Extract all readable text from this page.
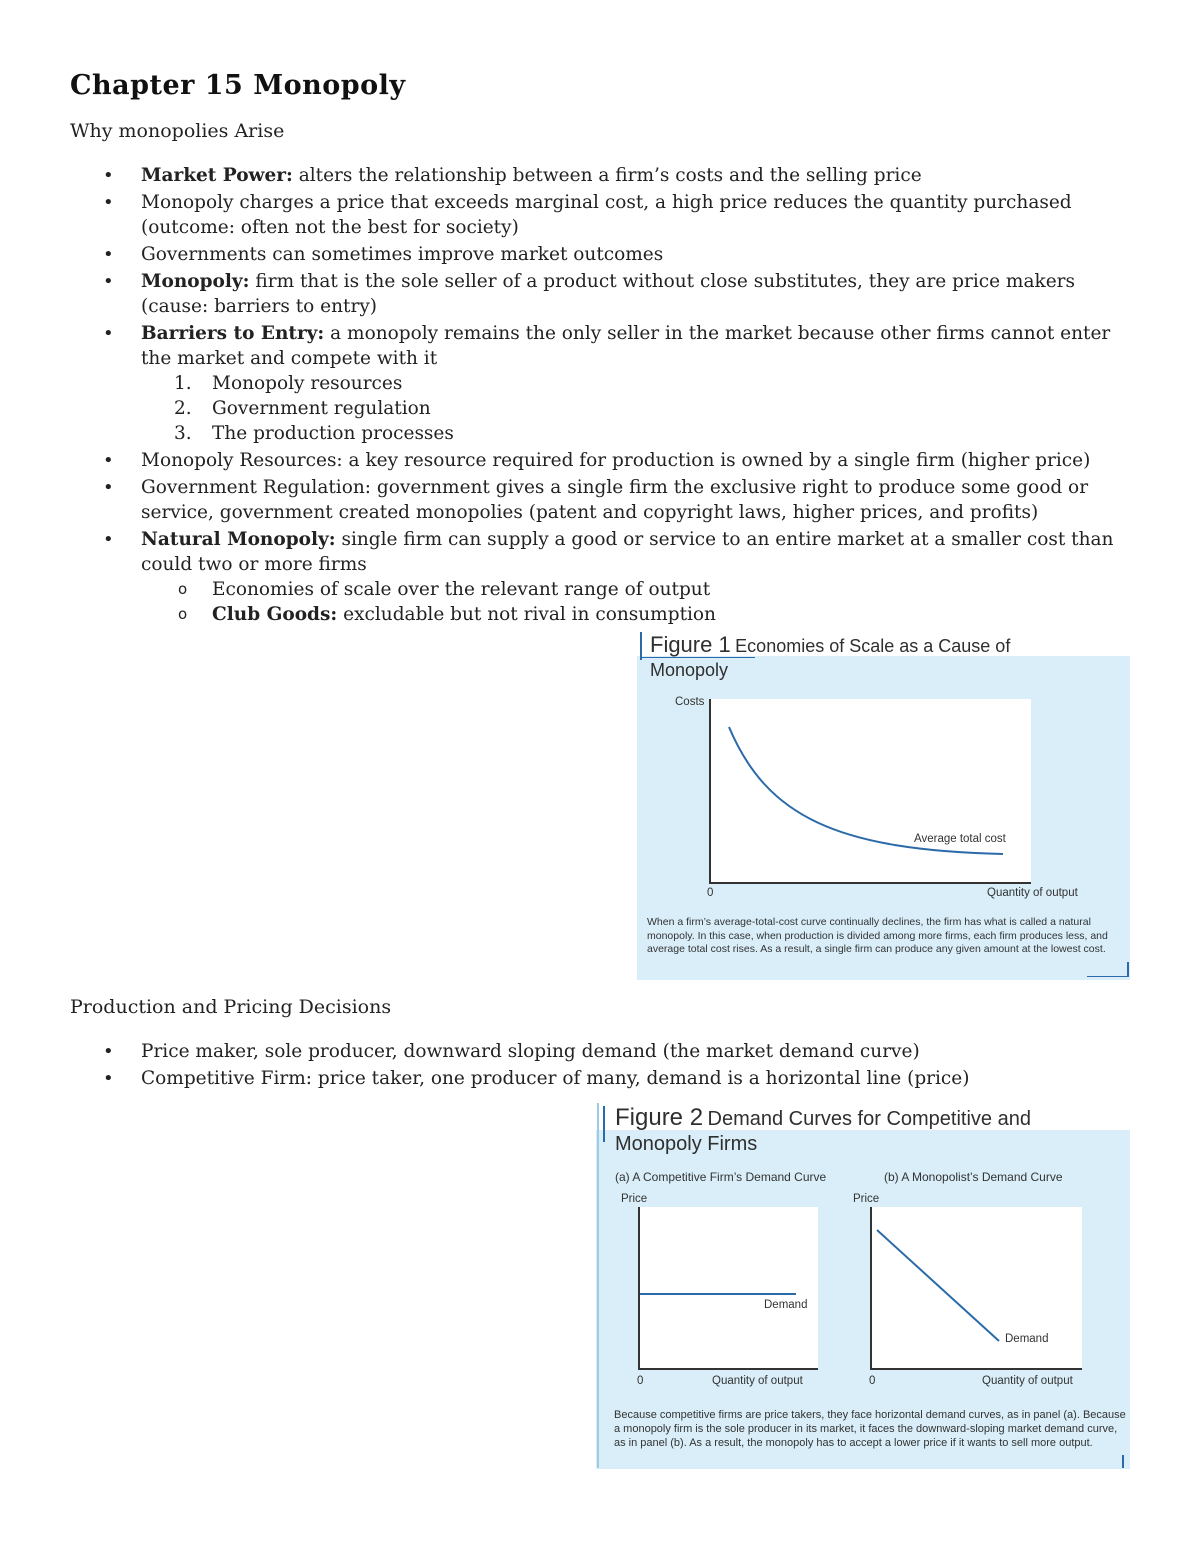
Chapter 15 Monopoly
Why monopolies Arise
• Market Power: alters the relationship between a firm’s costs and the selling price
• Monopoly charges a price that exceeds marginal cost, a high price reduces the quantity purchased (outcome: often not the best for society)
• Governments can sometimes improve market outcomes
• Monopoly: firm that is the sole seller of a product without close substitutes, they are price makers (cause: barriers to entry)
• Barriers to Entry: a monopoly remains the only seller in the market because other firms cannot enter the market and compete with it
1. Monopoly resources
2. Government regulation
3. The production processes
• Monopoly Resources: a key resource required for production is owned by a single firm (higher price)
• Government Regulation: government gives a single firm the exclusive right to produce some good or service, government created monopolies (patent and copyright laws, higher prices, and profits)
• Natural Monopoly: single firm can supply a good or service to an entire market at a smaller cost than could two or more firms
o Economies of scale over the relevant range of output
o Club Goods: excludable but not rival in consumption
Figure 1 Economies of Scale as a Cause of
Monopoly
Costs
0	Quantity of output
Average total cost
When a firm’s average-total-cost curve continually declines, the firm has what is called a natural monopoly. In this case, when production is divided among more firms, each firm produces less, and average total cost rises. As a result, a single firm can produce any given amount at the lowest cost.
Production and Pricing Decisions
• Price maker, sole producer, downward sloping demand (the market demand curve)
• Competitive Firm: price taker, one producer of many, demand is a horizontal line (price)
Figure 2 Demand Curves for Competitive and
Monopoly Firms
(a) A Competitive Firm’s Demand Curve
Price
0	Quantity of output
Demand
(b) A Monopolist’s Demand Curve
Price
0	Quantity of output
Demand
Because competitive firms are price takers, they face horizontal demand curves, as in panel (a). Because a monopoly firm is the sole producer in its market, it faces the downward-sloping market demand curve, as in panel (b). As a result, the monopoly has to accept a lower price if it wants to sell more output.
